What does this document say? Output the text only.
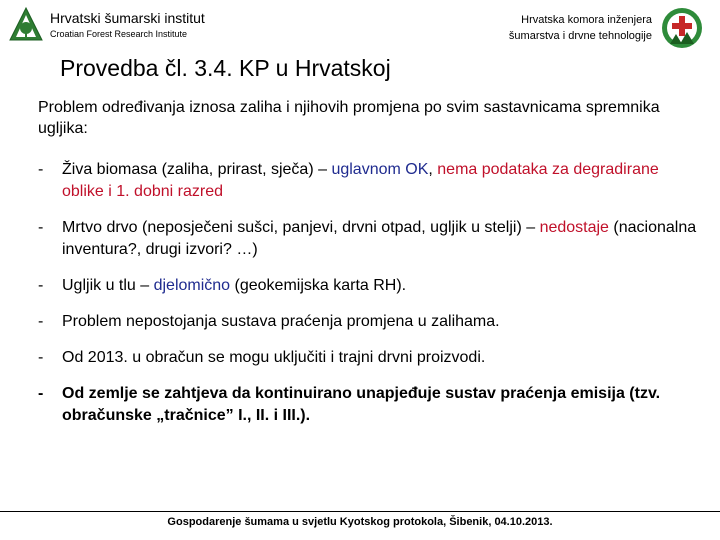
Hrvatski šumarski institut
Croatian Forest Research Institute
Hrvatska komora inženjera
šumarstva i drvne tehnologije
Provedba čl. 3.4. KP u Hrvatskoj
Problem određivanja iznosa zaliha i njihovih promjena po svim sastavnicama spremnika ugljika:
- Živa biomasa (zaliha, prirast, sječa) – uglavnom OK, nema podataka za degradirane oblike i 1. dobni razred
- Mrtvo drvo (neposječeni sušci, panjevi, drvni otpad, ugljik u stelji) – nedostaje (nacionalna inventura?, drugi izvori? …)
- Ugljik u tlu – djelomično (geokemijska karta RH).
- Problem nepostojanja sustava praćenja promjena u zalihama.
- Od 2013. u obračun se mogu uključiti i trajni drvni proizvodi.
- Od zemlje se zahtjeva da kontinuirano unapjeđuje sustav praćenja emisija (tzv. obračunske „tračnice” I., II. i III.).
Gospodarenje šumama u svjetlu Kyotskog protokola, Šibenik, 04.10.2013.
